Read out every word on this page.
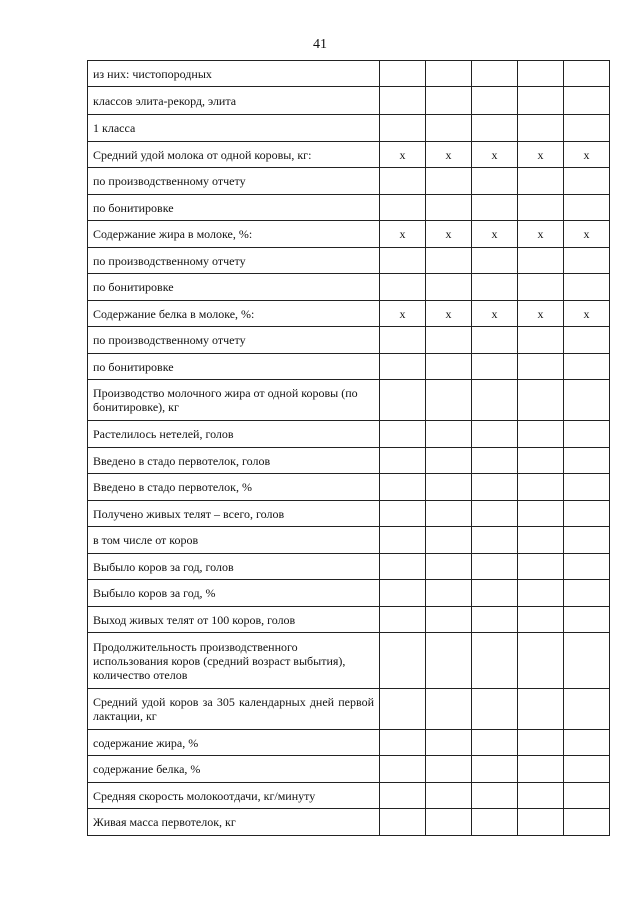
41
из них: чистопородных					
классов элита-рекорд, элита					
1 класса					
Средний удой молока от одной коровы, кг:	x	x	x	x	x
по производственному отчету					
по бонитировке					
Содержание жира в молоке, %:	x	x	x	x	x
по производственному отчету					
по бонитировке					
Содержание белка в молоке, %:	x	x	x	x	x
по производственному отчету					
по бонитировке					
Производство молочного жира от одной коровы (по бонитировке), кг					
Растелилось нетелей, голов					
Введено в стадо первотелок, голов					
Введено в стадо первотелок, %					
Получено живых телят – всего, голов					
в том числе от коров					
Выбыло коров за год, голов					
Выбыло коров за год, %					
Выход живых телят от 100 коров, голов					
Продолжительность производственного использования коров (средний возраст выбытия), количество отелов					
Средний удой коров за 305 календарных дней первой лактации, кг					
содержание жира, %					
содержание белка, %					
Средняя скорость молокоотдачи, кг/минуту					
Живая масса первотелок, кг					
